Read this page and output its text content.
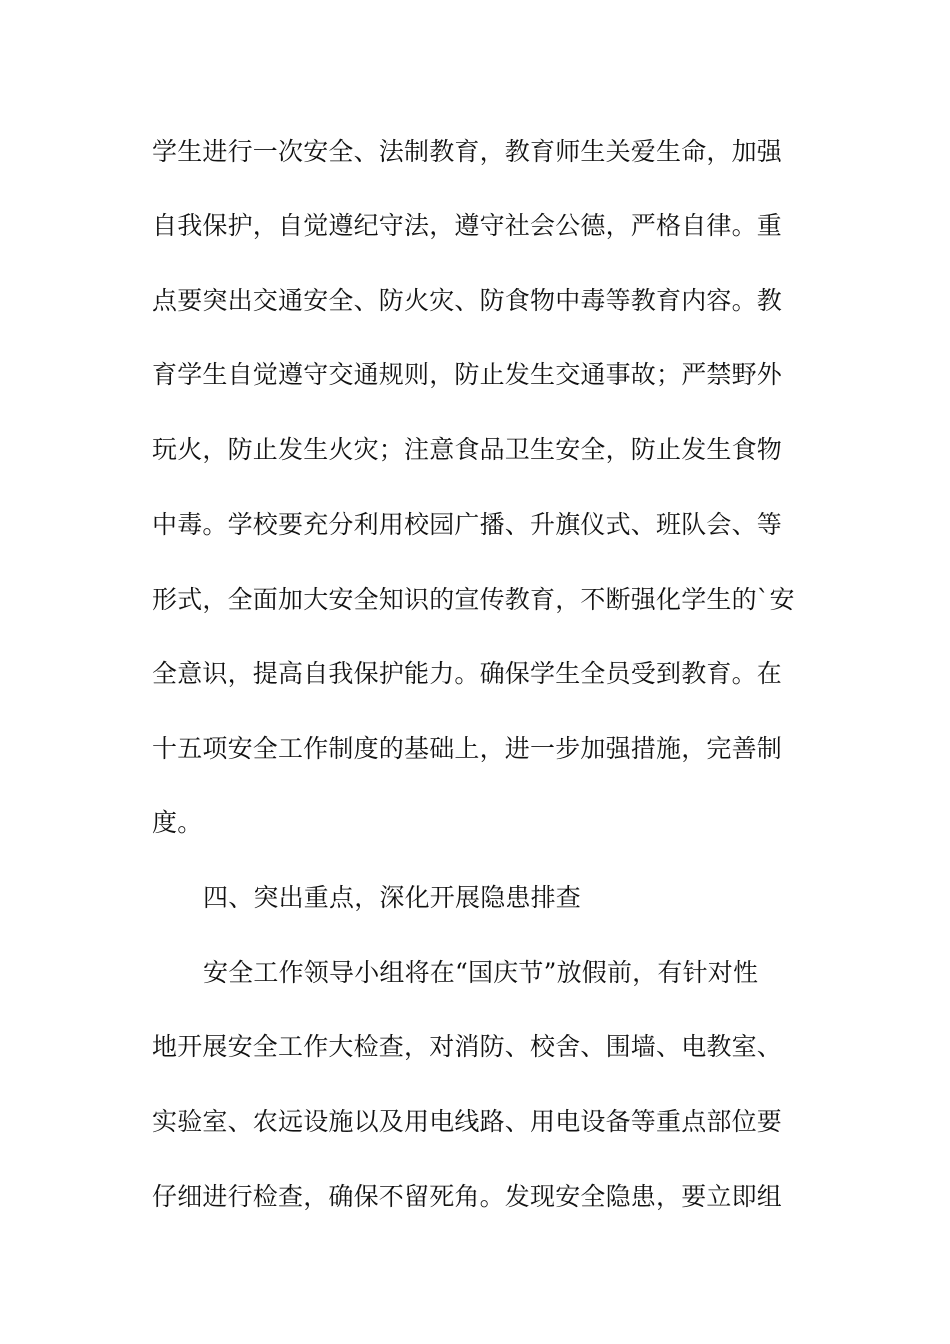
学生进行一次安全、法制教育，教育师生关爱生命，加强
自我保护，自觉遵纪守法，遵守社会公德，严格自律。重
点要突出交通安全、防火灾、防食物中毒等教育内容。教
育学生自觉遵守交通规则，防止发生交通事故；严禁野外
玩火，防止发生火灾；注意食品卫生安全，防止发生食物
中毒。学校要充分利用校园广播、升旗仪式、班队会、等
形式，全面加大安全知识的宣传教育，不断强化学生的`安
全意识，提高自我保护能力。确保学生全员受到教育。在
十五项安全工作制度的基础上，进一步加强措施，完善制
度。
四、突出重点，深化开展隐患排查
安全工作领导小组将在“国庆节”放假前，有针对性
地开展安全工作大检查，对消防、校舍、围墙、电教室、
实验室、农远设施以及用电线路、用电设备等重点部位要
仔细进行检查，确保不留死角。发现安全隐患，要立即组
